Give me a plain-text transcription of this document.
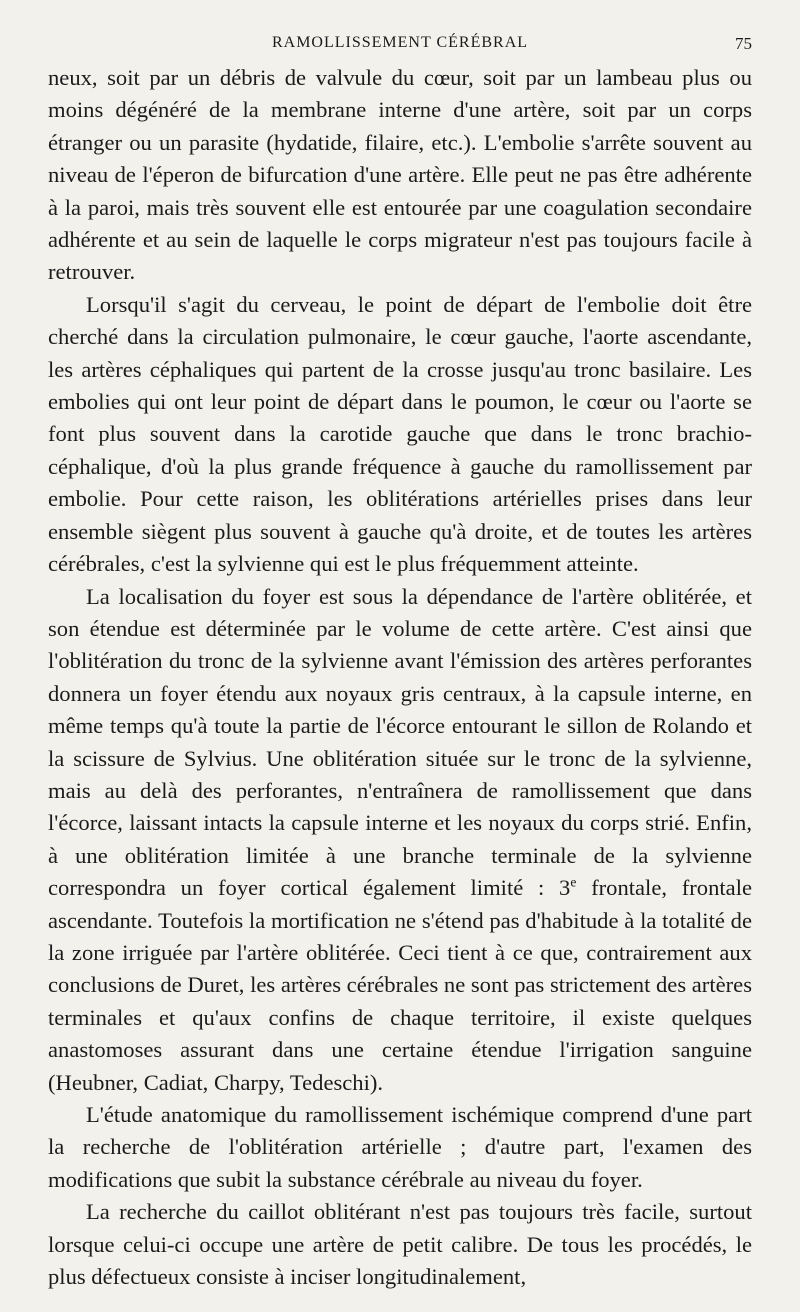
RAMOLLISSEMENT CÉRÉBRAL	75

neux, soit par un débris de valvule du cœur, soit par un lambeau plus ou moins dégénéré de la membrane interne d'une artère, soit par un corps étranger ou un parasite (hydatide, filaire, etc.). L'embolie s'arrête souvent au niveau de l'éperon de bifurcation d'une artère. Elle peut ne pas être adhérente à la paroi, mais très souvent elle est entourée par une coagulation secondaire adhérente et au sein de laquelle le corps migrateur n'est pas toujours facile à retrouver.

Lorsqu'il s'agit du cerveau, le point de départ de l'embolie doit être cherché dans la circulation pulmonaire, le cœur gauche, l'aorte ascendante, les artères céphaliques qui partent de la crosse jusqu'au tronc basilaire. Les embolies qui ont leur point de départ dans le poumon, le cœur ou l'aorte se font plus souvent dans la carotide gauche que dans le tronc brachio-céphalique, d'où la plus grande fréquence à gauche du ramollissement par embolie. Pour cette raison, les oblitérations artérielles prises dans leur ensemble siègent plus souvent à gauche qu'à droite, et de toutes les artères cérébrales, c'est la sylvienne qui est le plus fréquemment atteinte.

La localisation du foyer est sous la dépendance de l'artère oblitérée, et son étendue est déterminée par le volume de cette artère. C'est ainsi que l'oblitération du tronc de la sylvienne avant l'émission des artères perforantes donnera un foyer étendu aux noyaux gris centraux, à la capsule interne, en même temps qu'à toute la partie de l'écorce entourant le sillon de Rolando et la scissure de Sylvius. Une oblitération située sur le tronc de la sylvienne, mais au delà des perforantes, n'entraînera de ramollissement que dans l'écorce, laissant intacts la capsule interne et les noyaux du corps strié. Enfin, à une oblitération limitée à une branche terminale de la sylvienne correspondra un foyer cortical également limité : 3e frontale, frontale ascendante. Toutefois la mortification ne s'étend pas d'habitude à la totalité de la zone irriguée par l'artère oblitérée. Ceci tient à ce que, contrairement aux conclusions de Duret, les artères cérébrales ne sont pas strictement des artères terminales et qu'aux confins de chaque territoire, il existe quelques anastomoses assurant dans une certaine étendue l'irrigation sanguine (Heubner, Cadiat, Charpy, Tedeschi).

L'étude anatomique du ramollissement ischémique comprend d'une part la recherche de l'oblitération artérielle ; d'autre part, l'examen des modifications que subit la substance cérébrale au niveau du foyer.

La recherche du caillot oblitérant n'est pas toujours très facile, surtout lorsque celui-ci occupe une artère de petit calibre. De tous les procédés, le plus défectueux consiste à inciser longitudinalement,
